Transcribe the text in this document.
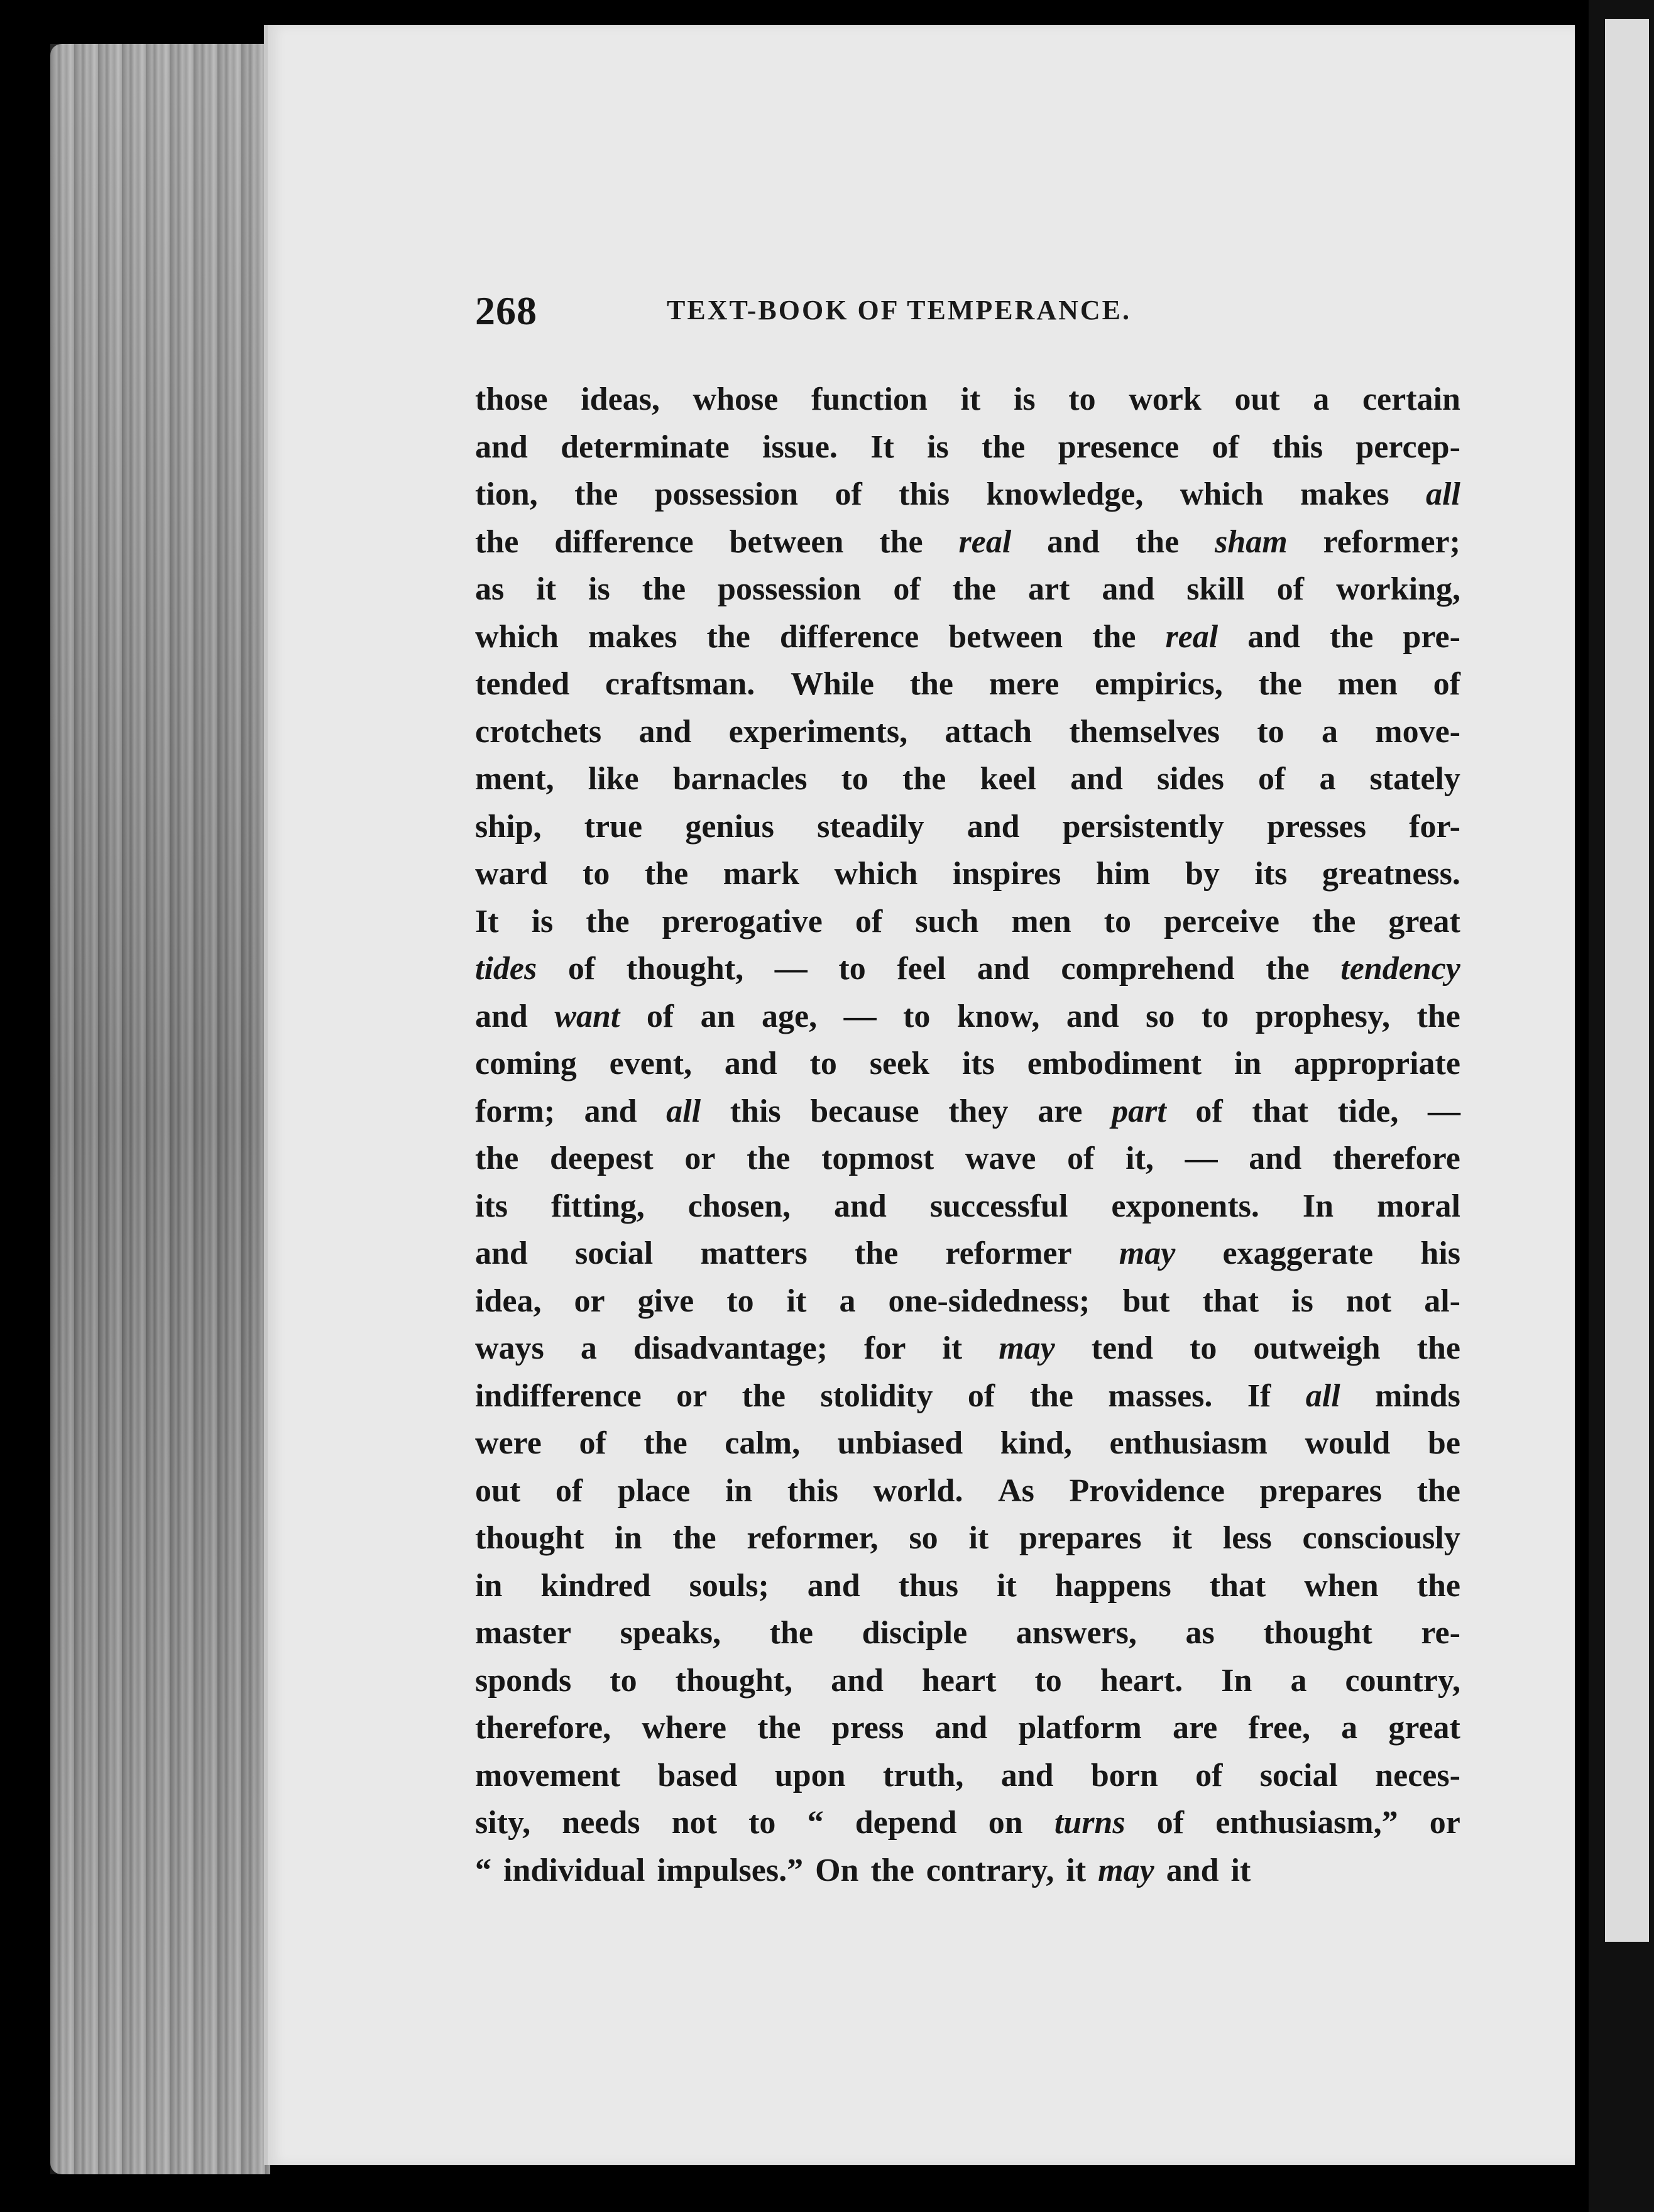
268	TEXT-BOOK OF TEMPERANCE.
those ideas, whose function it is to work out a certain
and determinate issue. It is the presence of this percep-
tion, the possession of this knowledge, which makes all
the difference between the real and the sham reformer;
as it is the possession of the art and skill of working,
which makes the difference between the real and the pre-
tended craftsman. While the mere empirics, the men of
crotchets and experiments, attach themselves to a move-
ment, like barnacles to the keel and sides of a stately
ship, true genius steadily and persistently presses for-
ward to the mark which inspires him by its greatness.
It is the prerogative of such men to perceive the great
tides of thought, — to feel and comprehend the tendency
and want of an age, — to know, and so to prophesy, the
coming event, and to seek its embodiment in appropriate
form; and all this because they are part of that tide, —
the deepest or the topmost wave of it, — and therefore
its fitting, chosen, and successful exponents. In moral
and social matters the reformer may exaggerate his
idea, or give to it a one-sidedness; but that is not al-
ways a disadvantage; for it may tend to outweigh the
indifference or the stolidity of the masses. If all minds
were of the calm, unbiased kind, enthusiasm would be
out of place in this world. As Providence prepares the
thought in the reformer, so it prepares it less consciously
in kindred souls; and thus it happens that when the
master speaks, the disciple answers, as thought re-
sponds to thought, and heart to heart. In a country,
therefore, where the press and platform are free, a great
movement based upon truth, and born of social neces-
sity, needs not to “ depend on turns of enthusiasm,” or
“ individual impulses.” On the contrary, it may and it
